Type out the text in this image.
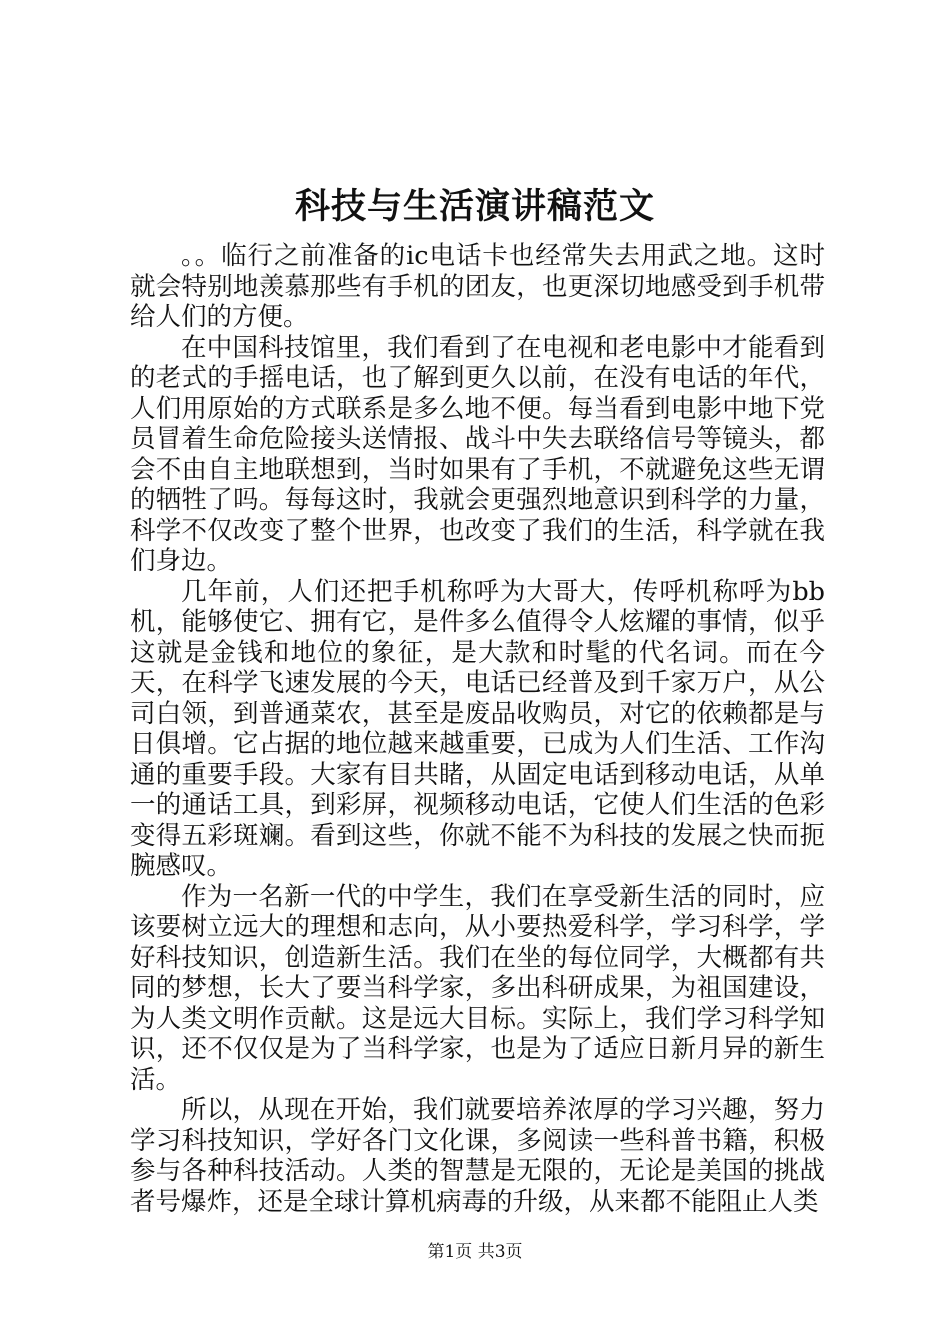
科技与生活演讲稿范文

。。临行之前准备的ic电话卡也经常失去用武之地。这时就会特别地羡慕那些有手机的团友，也更深切地感受到手机带给人们的方便。

在中国科技馆里，我们看到了在电视和老电影中才能看到的老式的手摇电话，也了解到更久以前，在没有电话的年代，人们用原始的方式联系是多么地不便。每当看到电影中地下党员冒着生命危险接头送情报、战斗中失去联络信号等镜头，都会不由自主地联想到，当时如果有了手机，不就避免这些无谓的牺牲了吗。每每这时，我就会更强烈地意识到科学的力量，科学不仅改变了整个世界，也改变了我们的生活，科学就在我们身边。

几年前，人们还把手机称呼为大哥大，传呼机称呼为bb机，能够使它、拥有它，是件多么值得令人炫耀的事情，似乎这就是金钱和地位的象征，是大款和时髦的代名词。而在今天，在科学飞速发展的今天，电话已经普及到千家万户，从公司白领，到普通菜农，甚至是废品收购员，对它的依赖都是与日俱增。它占据的地位越来越重要，已成为人们生活、工作沟通的重要手段。大家有目共睹，从固定电话到移动电话，从单一的通话工具，到彩屏，视频移动电话，它使人们生活的色彩变得五彩斑斓。看到这些，你就不能不为科技的发展之快而扼腕感叹。

作为一名新一代的中学生，我们在享受新生活的同时，应该要树立远大的理想和志向，从小要热爱科学，学习科学，学好科技知识，创造新生活。我们在坐的每位同学，大概都有共同的梦想，长大了要当科学家，多出科研成果，为祖国建设，为人类文明作贡献。这是远大目标。实际上，我们学习科学知识，还不仅仅是为了当科学家，也是为了适应日新月异的新生活。

所以，从现在开始，我们就要培养浓厚的学习兴趣，努力学习科技知识，学好各门文化课，多阅读一些科普书籍，积极参与各种科技活动。人类的智慧是无限的，无论是美国的挑战者号爆炸，还是全球计算机病毒的升级，从来都不能阻止人类

第1页 共3页
